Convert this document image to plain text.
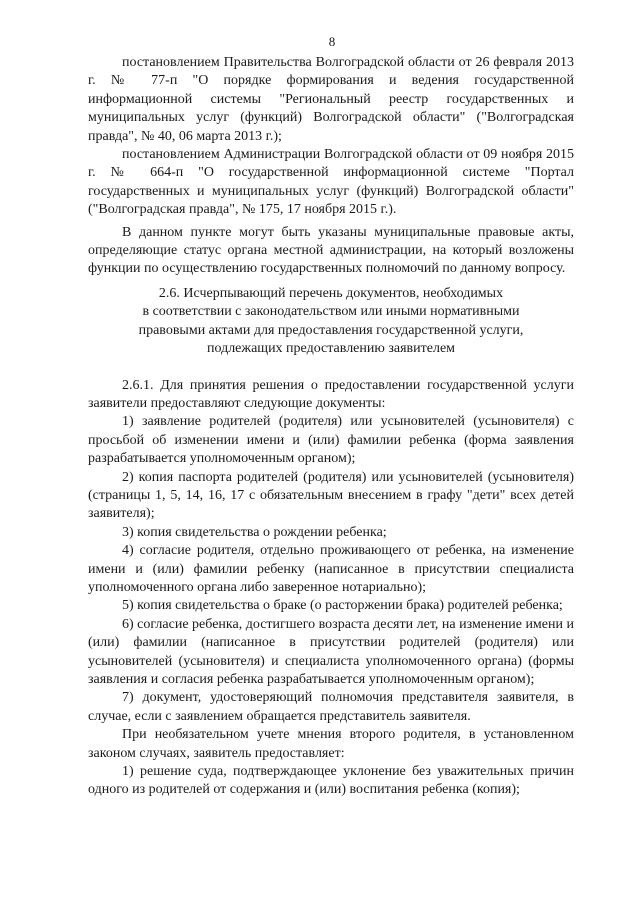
8

постановлением Правительства Волгоградской области от 26 февраля 2013 г. № 77-п "О порядке формирования и ведения государственной информационной системы "Региональный реестр государственных и муниципальных услуг (функций) Волгоградской области" ("Волгоградская правда", № 40, 06 марта 2013 г.);

постановлением Администрации Волгоградской области от 09 ноября 2015 г. № 664-п "О государственной информационной системе "Портал государственных и муниципальных услуг (функций) Волгоградской области" ("Волгоградская правда", № 175, 17 ноября 2015 г.).

В данном пункте могут быть указаны муниципальные правовые акты, определяющие статус органа местной администрации, на который возложены функции по осуществлению государственных полномочий по данному вопросу.

2.6. Исчерпывающий перечень документов, необходимых
в соответствии с законодательством или иными нормативными
правовыми актами для предоставления государственной услуги,
подлежащих предоставлению заявителем

2.6.1. Для принятия решения о предоставлении государственной услуги заявители предоставляют следующие документы:

1) заявление родителей (родителя) или усыновителей (усыновителя) с просьбой об изменении имени и (или) фамилии ребенка (форма заявления разрабатывается уполномоченным органом);

2) копия паспорта родителей (родителя) или усыновителей (усыновителя) (страницы 1, 5, 14, 16, 17 с обязательным внесением в графу "дети" всех детей заявителя);

3) копия свидетельства о рождении ребенка;

4) согласие родителя, отдельно проживающего от ребенка, на изменение имени и (или) фамилии ребенку (написанное в присутствии специалиста уполномоченного органа либо заверенное нотариально);

5) копия свидетельства о браке (о расторжении брака) родителей ребенка;

6) согласие ребенка, достигшего возраста десяти лет, на изменение имени и (или) фамилии (написанное в присутствии родителей (родителя) или усыновителей (усыновителя) и специалиста уполномоченного органа) (формы заявления и согласия ребенка разрабатывается уполномоченным органом);

7) документ, удостоверяющий полномочия представителя заявителя, в случае, если с заявлением обращается представитель заявителя.

При необязательном учете мнения второго родителя, в установленном законом случаях, заявитель предоставляет:

1) решение суда, подтверждающее уклонение без уважительных причин одного из родителей от содержания и (или) воспитания ребенка (копия);
